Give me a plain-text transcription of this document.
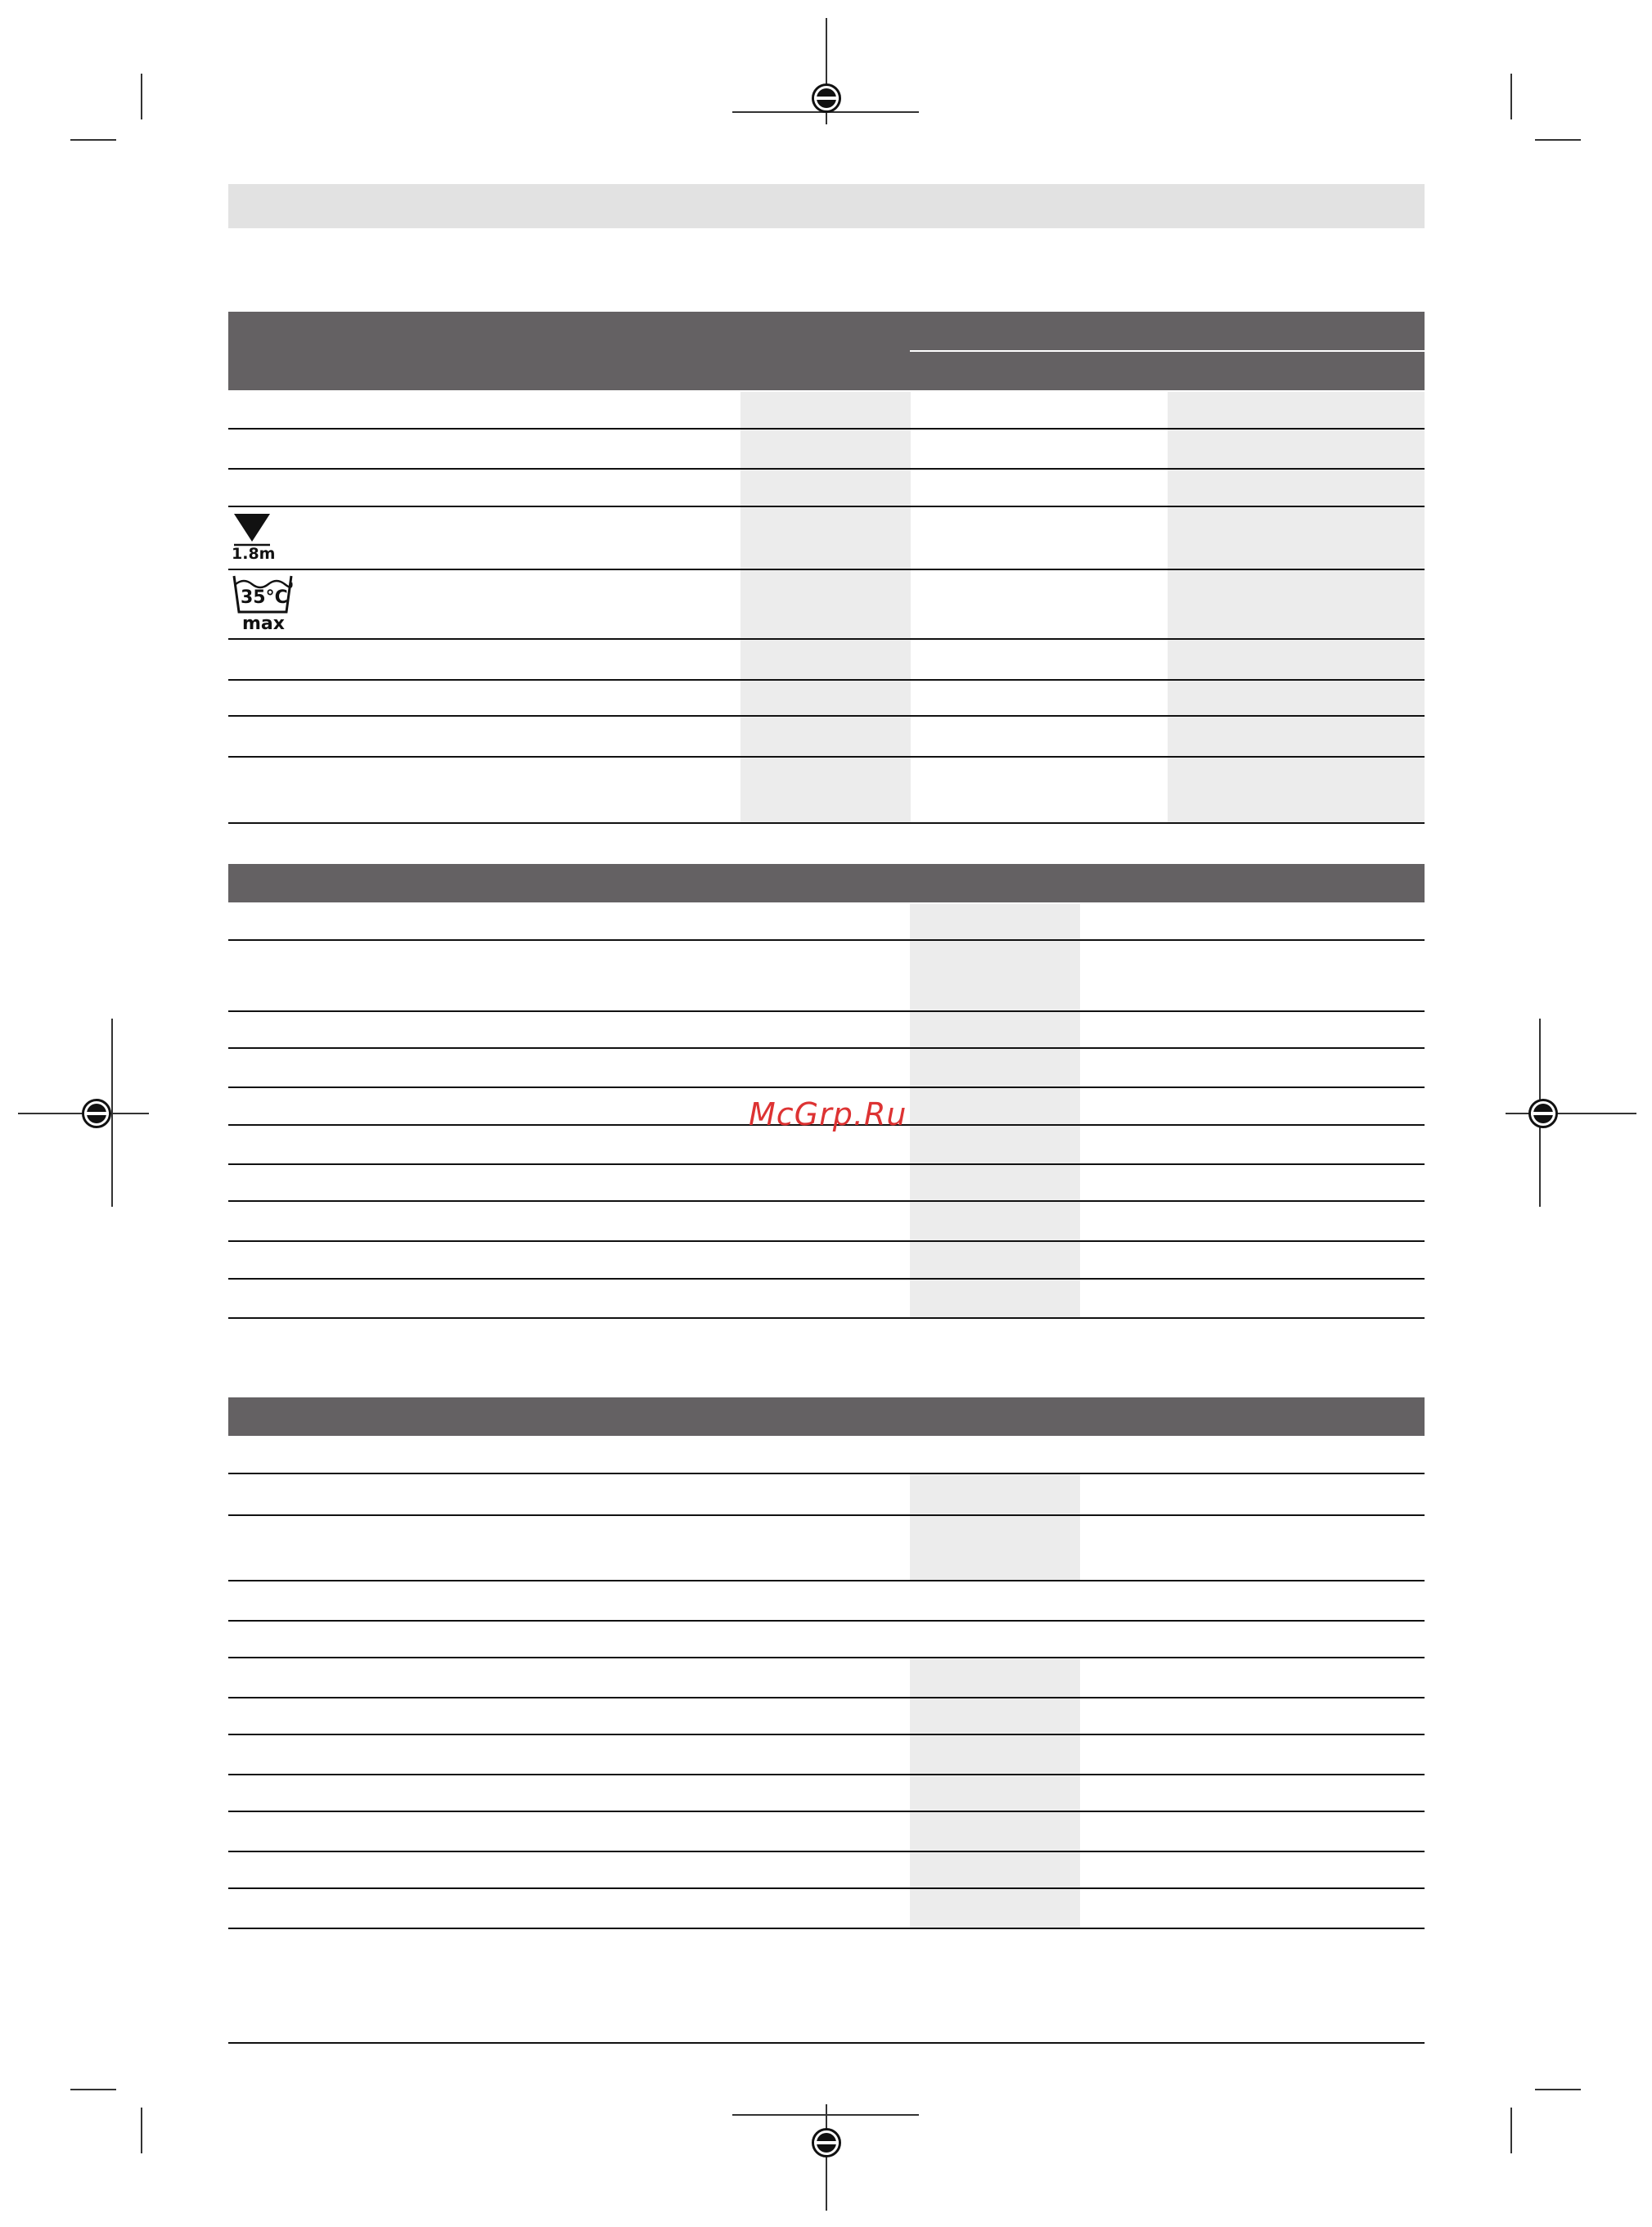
1.8m
35°C
max
McGrp.Ru
